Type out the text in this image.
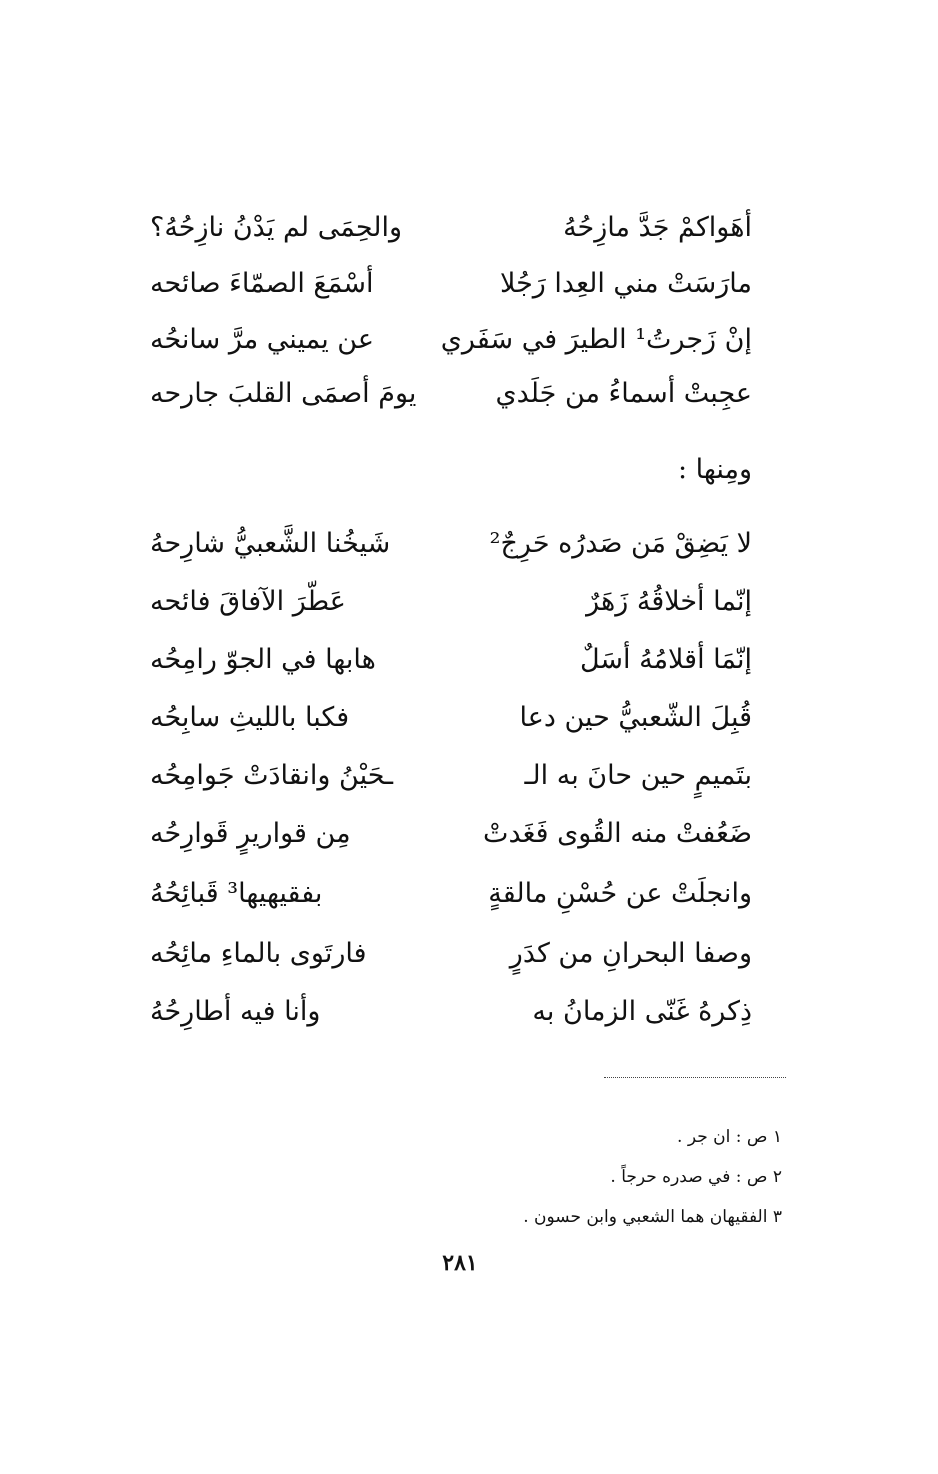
أهَواكمْ جَدَّ مازِحُهُ
والحِمَى لم يَدْنُ نازِحُهُ؟
مارَسَتْ مني العِدا رَجُلا
أسْمَعَ الصمّاءَ صائحه
إنْ زَجرتُ¹ الطيرَ في سَفَري
عن يميني مرَّ سانحُه
عجِبتْ أسماءُ من جَلَدي
يومَ أصمَى القلبَ جارحه
ومِنها :
لا يَضِقْ مَن صَدرُه حَرِجٌ²
شَيخُنا الشَّعبيُّ شارِحهُ
إنّما أخلاقُهُ زَهَرٌ
عَطّرَ الآفاقَ فائحه
إنّمَا أقلامُهُ أسَلٌ
هابها في الجوّ رامِحُه
قُبِلَ الشّعبيُّ حين دعا
فكبا بالليثِ سابِحُه
بتَميمٍ حين حانَ به الـ
ـحَيْنُ وانقادَتْ جَوامِحُه
ضَعُفتْ منه القُوى فَغَدتْ
مِن قواريرٍ قَوارِحُه
وانجلَتْ عن حُسْنِ مالقةٍ
بفقيهيها³ قَبائِحُهُ
وصفا البحرانِ من كدَرٍ
فارتَوى بالماءِ مائِحُه
ذِكرهُ غَنّى الزمانُ به
وأنا فيه أطارِحُهُ
١ ص : ان جر .
٢ ص : في صدره حرجاً .
٣ الفقيهان هما الشعبي وابن حسون .
٢٨١
